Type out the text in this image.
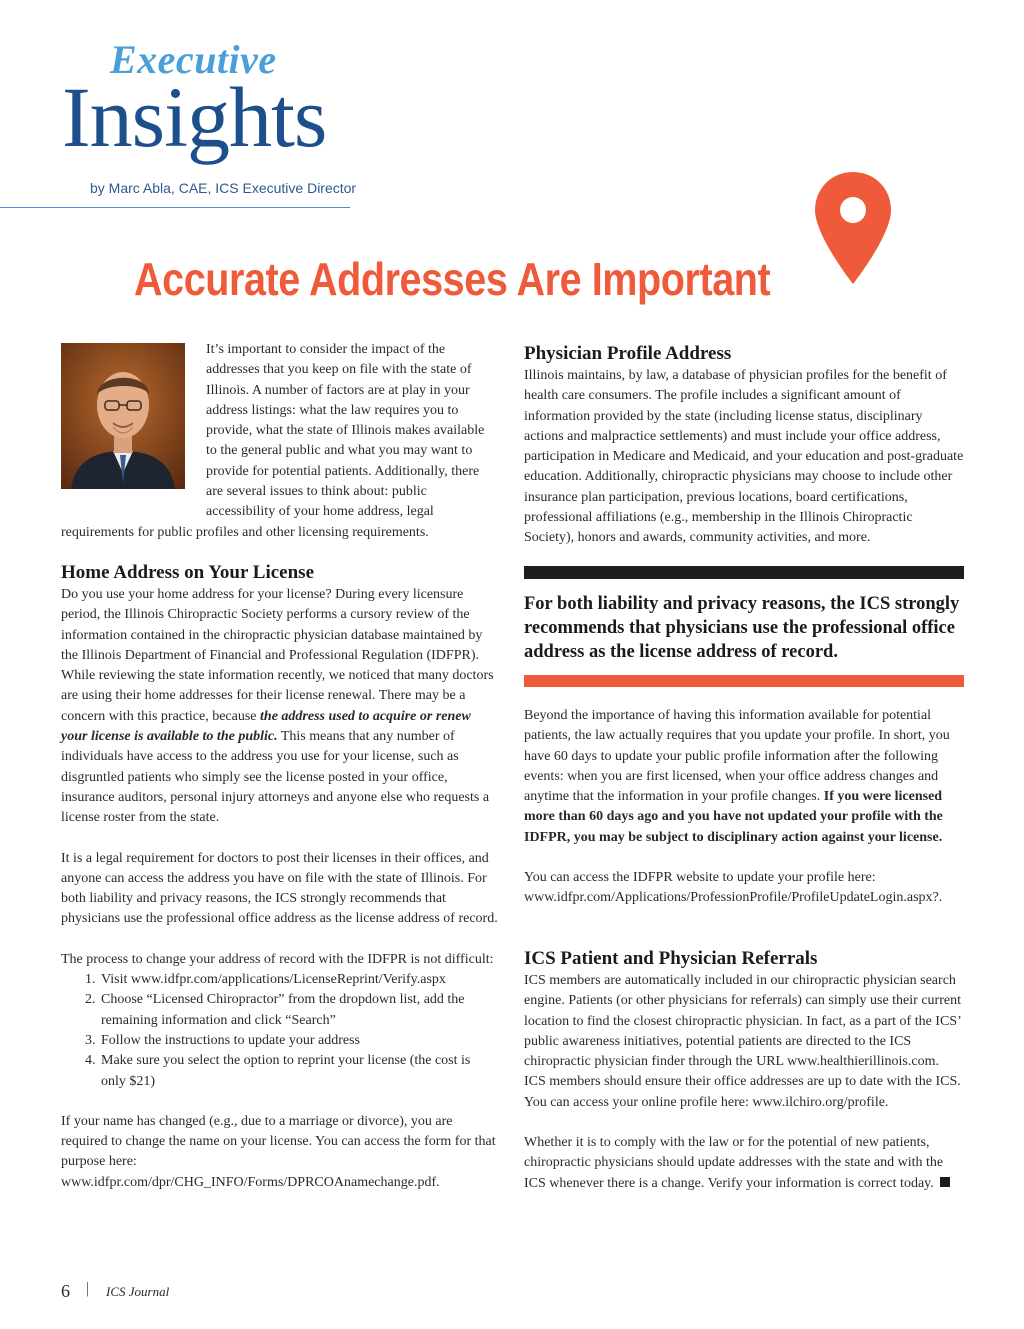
Executive
Insights
by Marc Abla, CAE, ICS Executive Director
Accurate Addresses Are Important

It’s important to consider the impact of the addresses that you keep on file with the state of Illinois. A number of factors are at play in your address listings: what the law requires you to provide, what the state of Illinois makes available to the general public and what you may want to provide for potential patients. Additionally, there are several issues to think about: public accessibility of your home address, legal requirements for public profiles and other licensing requirements.

Home Address on Your License

Do you use your home address for your license? During every licensure period, the Illinois Chiropractic Society performs a cursory review of the information contained in the chiropractic physician database maintained by the Illinois Department of Financial and Professional Regulation (IDFPR). While reviewing the state information recently, we noticed that many doctors are using their home addresses for their license renewal. There may be a concern with this practice, because the address used to acquire or renew your license is available to the public. This means that any number of individuals have access to the address you use for your license, such as disgruntled patients who simply see the license posted in your office, insurance auditors, personal injury attorneys and anyone else who requests a license roster from the state.

It is a legal requirement for doctors to post their licenses in their offices, and anyone can access the address you have on file with the state of Illinois. For both liability and privacy reasons, the ICS strongly recommends that physicians use the professional office address as the license address of record.

The process to change your address of record with the IDFPR is not difficult:

1. Visit www.idfpr.com/applications/LicenseReprint/Verify.aspx
2. Choose “Licensed Chiropractor” from the dropdown list, add the remaining information and click “Search”
3. Follow the instructions to update your address
4. Make sure you select the option to reprint your license (the cost is only $21)

If your name has changed (e.g., due to a marriage or divorce), you are required to change the name on your license. You can access the form for that purpose here: www.idfpr.com/dpr/CHG_INFO/Forms/DPRCOAnamechange.pdf.

Physician Profile Address

Illinois maintains, by law, a database of physician profiles for the benefit of health care consumers. The profile includes a significant amount of information provided by the state (including license status, disciplinary actions and malpractice settlements) and must include your office address, participation in Medicare and Medicaid, and your education and post-graduate education. Additionally, chiropractic physicians may choose to include other insurance plan participation, previous locations, board certifications, professional affiliations (e.g., membership in the Illinois Chiropractic Society), honors and awards, community activities, and more.

For both liability and privacy reasons, the ICS strongly recommends that physicians use the professional office address as the license address of record.

Beyond the importance of having this information available for potential patients, the law actually requires that you update your profile. In short, you have 60 days to update your public profile information after the following events: when you are first licensed, when your office address changes and anytime that the information in your profile changes. If you were licensed more than 60 days ago and you have not updated your profile with the IDFPR, you may be subject to disciplinary action against your license.

You can access the IDFPR website to update your profile here: www.idfpr.com/Applications/ProfessionProfile/ProfileUpdateLogin.aspx?.

ICS Patient and Physician Referrals

ICS members are automatically included in our chiropractic physician search engine. Patients (or other physicians for referrals) can simply use their current location to find the closest chiropractic physician. In fact, as a part of the ICS’ public awareness initiatives, potential patients are directed to the ICS chiropractic physician finder through the URL www.healthierillinois.com. ICS members should ensure their office addresses are up to date with the ICS. You can access your online profile here: www.ilchiro.org/profile.

Whether it is to comply with the law or for the potential of new patients, chiropractic physicians should update addresses with the state and with the ICS whenever there is a change. Verify your information is correct today.

6 | ICS Journal
